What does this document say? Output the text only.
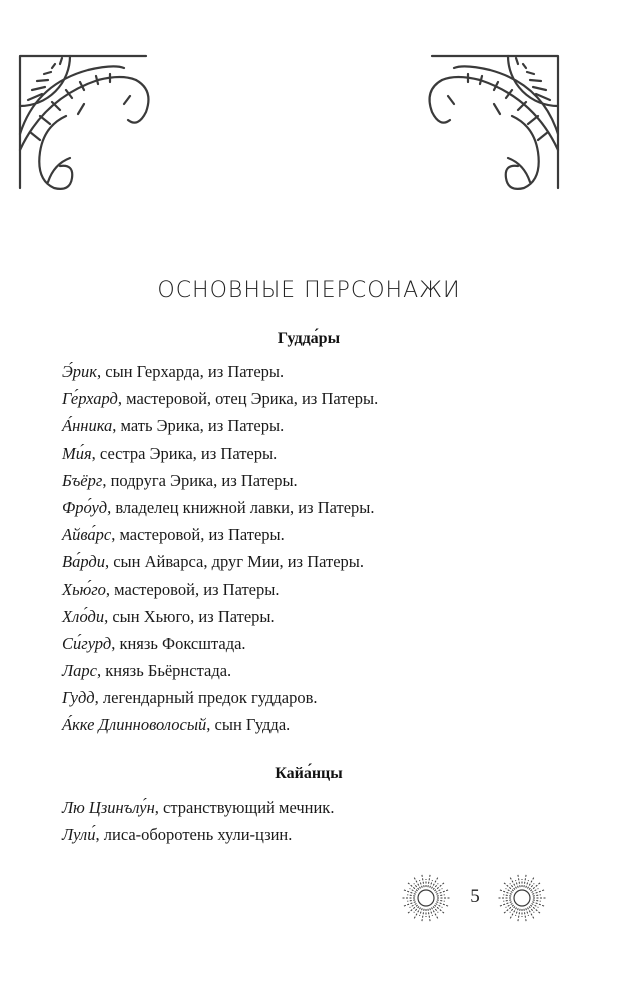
ОСНОВНЫЕ ПЕРСОНАЖИ
Гудда́ры
Э́рик, сын Герхарда, из Патеры.
Ге́рхард, мастеровой, отец Эрика, из Патеры.
А́нника, мать Эрика, из Патеры.
Ми́я, сестра Эрика, из Патеры.
Бъёрг, подруга Эрика, из Патеры.
Фро́уд, владелец книжной лавки, из Патеры.
Айва́рс, мастеровой, из Патеры.
Ва́рди, сын Айварса, друг Мии, из Патеры.
Хью́го, мастеровой, из Патеры.
Хло́ди, сын Хьюго, из Патеры.
Си́гурд, князь Фоксштада.
Ларс, князь Бьёрнстада.
Гудд, легендарный предок гуддаров.
А́кке Длинноволосый, сын Гудда.
Кайа́нцы
Лю Цзинълу́н, странствующий мечник.
Лули́, лиса-оборотень хули-цзин.
5
